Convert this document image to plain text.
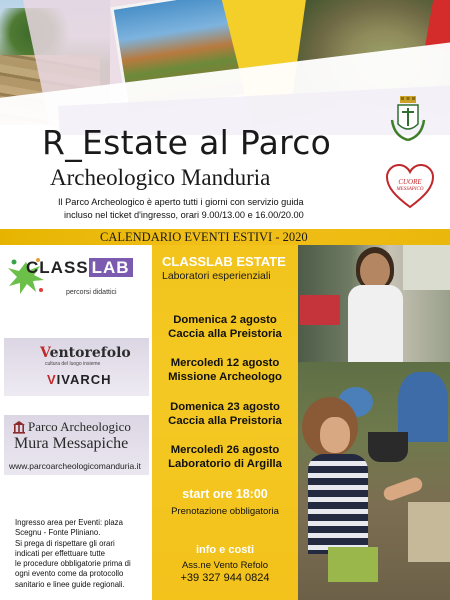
CUORE
MESSAPICO
R_Estate al Parco
Archeologico Manduria

Il Parco Archeologico è aperto tutti i giorni con servizio guida

incluso nel ticket d'ingresso, orari 9.00/13.00 e 16.00/20.00

CALENDARIO EVENTI ESTIVI - 2020
CLASS LAB
percorsi didattici
Ventorefolo
cultura del luogo insieme
VIVARCH
Parco Archeologico
Mura Messapiche
www.parcoarcheologicomanduria.it

Ingresso area per Eventi: plaza

Scegnu - Fonte Pliniano.

Si prega di rispettare gli orari

indicati per effettuare tutte

le procedure obbligatorie prima di

ogni evento come da protocollo

sanitario e linee guide regionali.

CLASSLAB ESTATE
Laboratori esperienziali
Domenica 2 agosto
Caccia alla Preistoria
Mercoledì 12 agosto
Missione Archeologo
Domenica 23 agosto
Caccia alla Preistoria
Mercoledì 26 agosto
Laboratorio di Argilla
start ore 18:00
Prenotazione obbligatoria
info e costi
Ass.ne Vento Refolo
+39 327 944 0824
